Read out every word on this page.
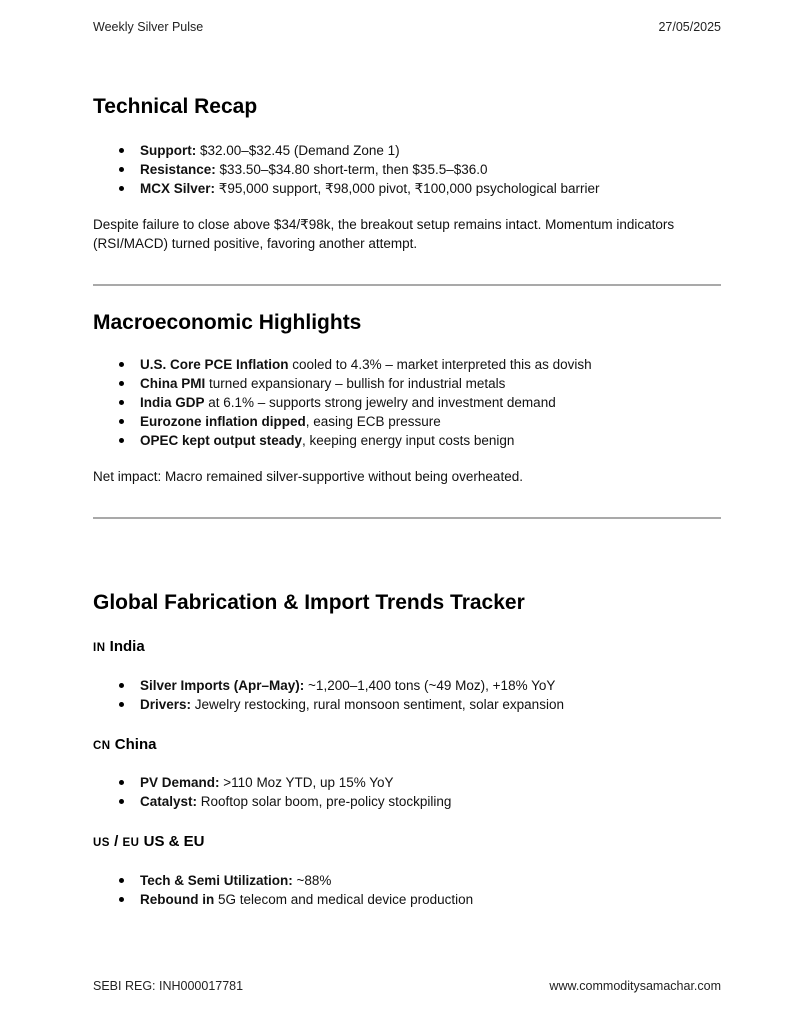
Weekly Silver Pulse	27/05/2025
Technical Recap
Support: $32.00–$32.45 (Demand Zone 1)
Resistance: $33.50–$34.80 short-term, then $35.5–$36.0
MCX Silver: ₹95,000 support, ₹98,000 pivot, ₹100,000 psychological barrier

Despite failure to close above $34/₹98k, the breakout setup remains intact. Momentum indicators (RSI/MACD) turned positive, favoring another attempt.

Macroeconomic Highlights
U.S. Core PCE Inflation cooled to 4.3% – market interpreted this as dovish
China PMI turned expansionary – bullish for industrial metals
India GDP at 6.1% – supports strong jewelry and investment demand
Eurozone inflation dipped, easing ECB pressure
OPEC kept output steady, keeping energy input costs benign

Net impact: Macro remained silver-supportive without being overheated.

Global Fabrication & Import Trends Tracker
IN India
Silver Imports (Apr–May): ~1,200–1,400 tons (~49 Moz), +18% YoY
Drivers: Jewelry restocking, rural monsoon sentiment, solar expansion
CN China
PV Demand: >110 Moz YTD, up 15% YoY
Catalyst: Rooftop solar boom, pre-policy stockpiling
US / EU US & EU
Tech & Semi Utilization: ~88%
Rebound in 5G telecom and medical device production
SEBI REG: INH000017781	www.commoditysamachar.com
